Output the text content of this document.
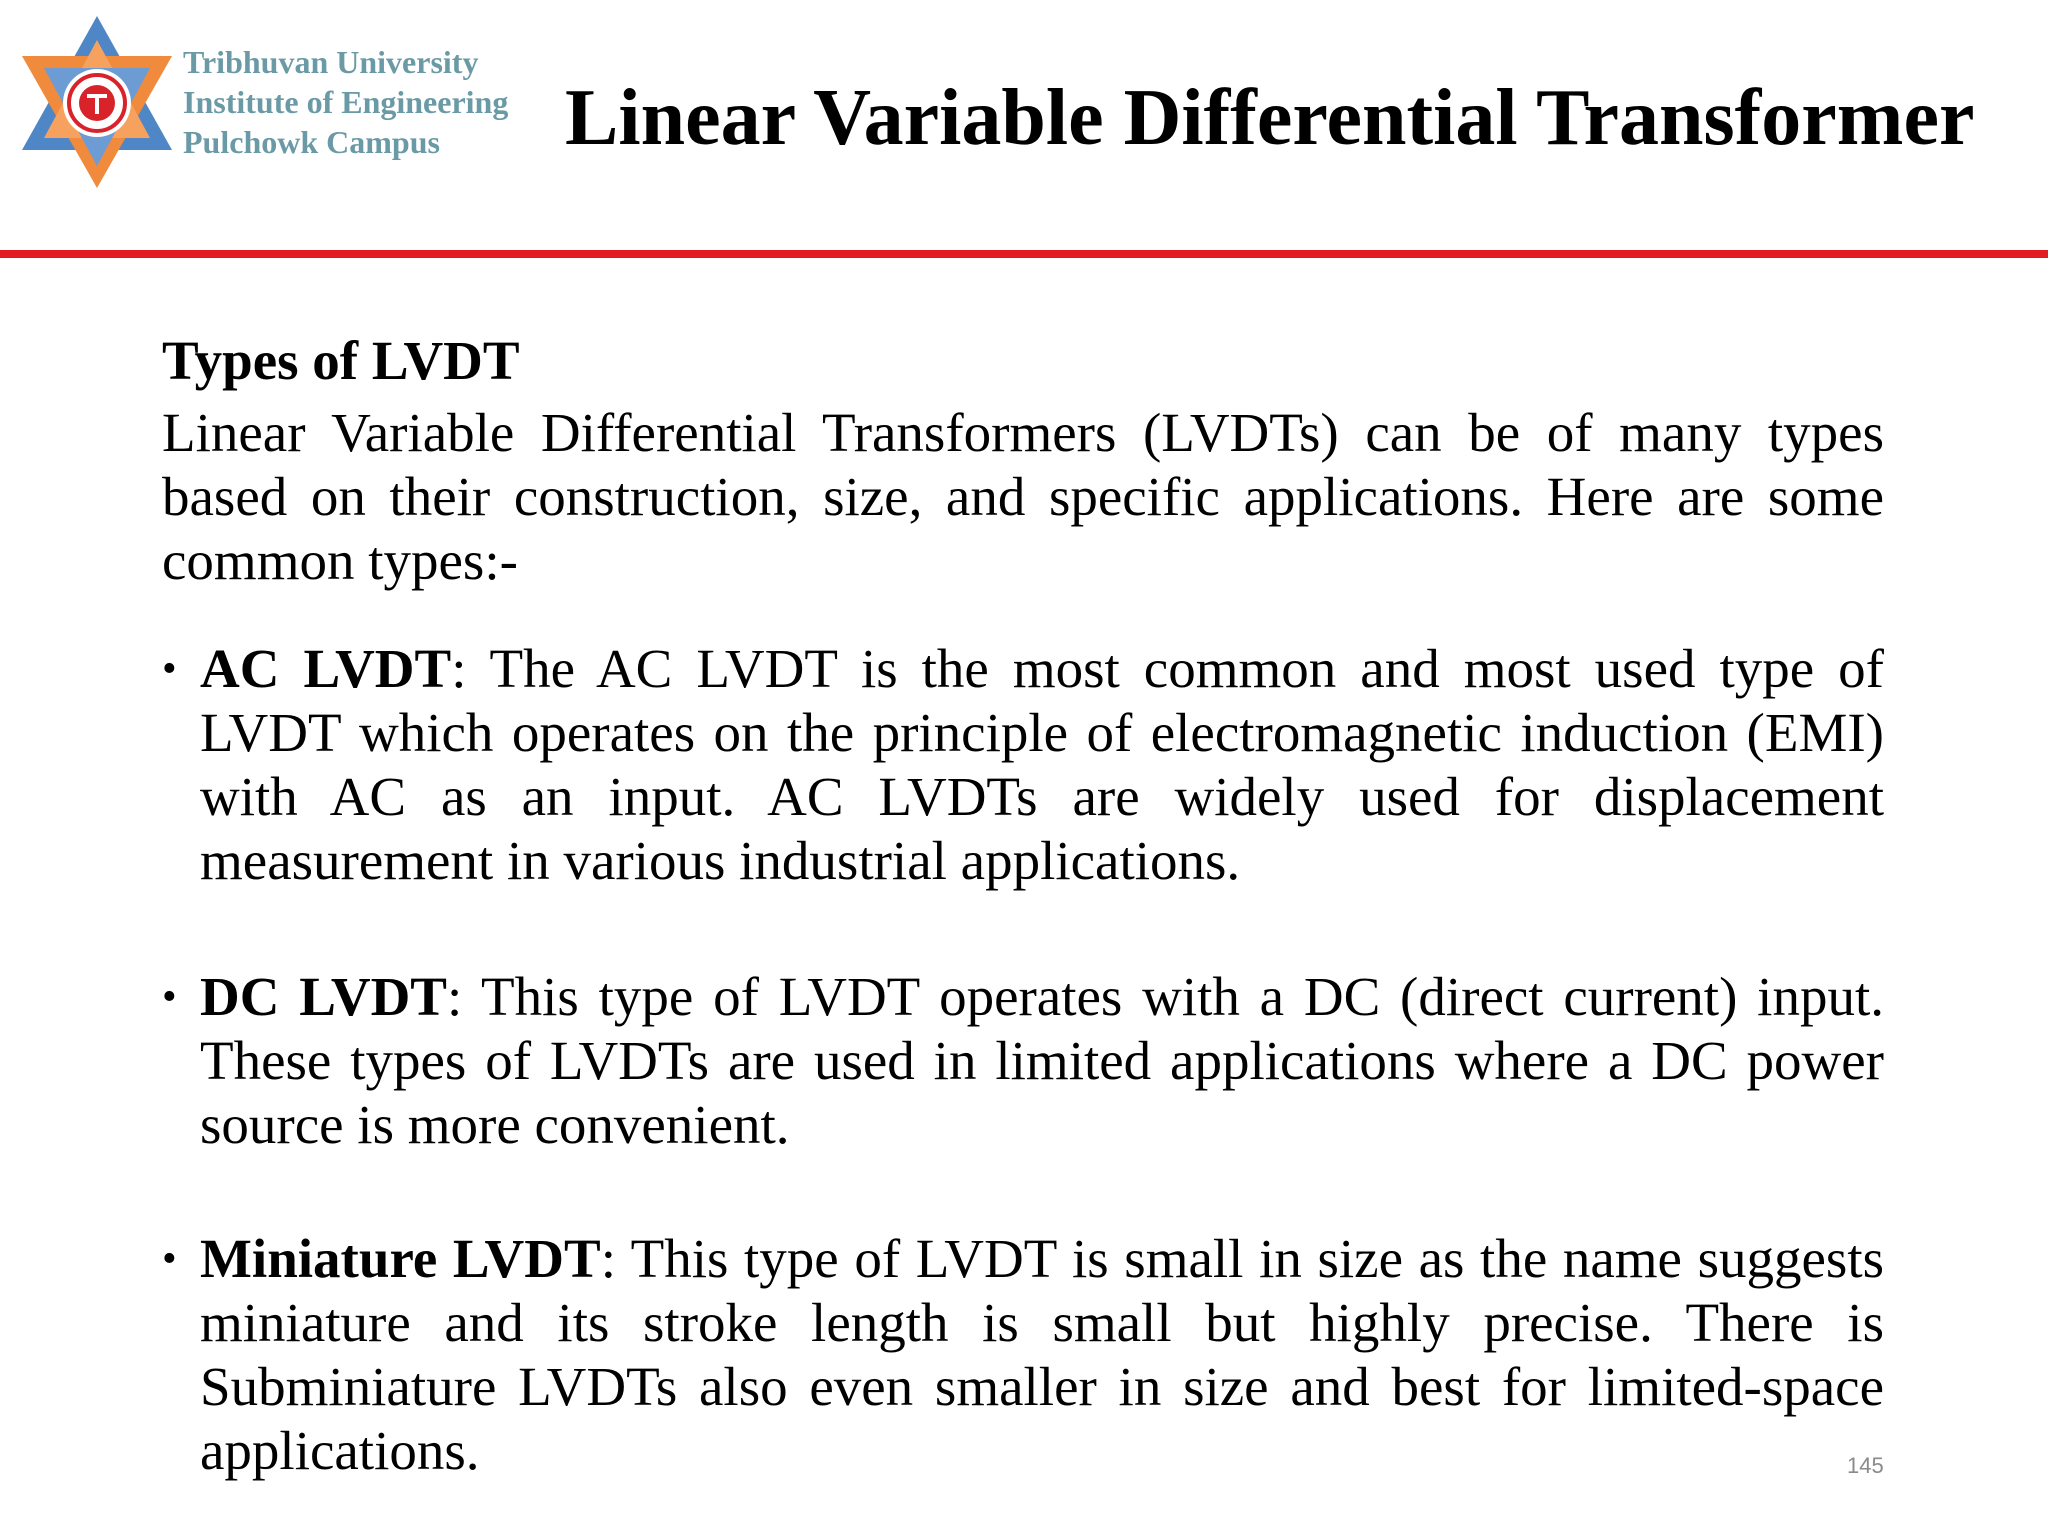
Tribhuvan University
Institute of Engineering
Pulchowk Campus	Linear Variable Differential Transformer
Types of LVDT

Linear Variable Differential Transformers (LVDTs) can be of many types based on their construction, size, and specific applications. Here are some common types:-

• AC LVDT: The AC LVDT is the most common and most used type of LVDT which operates on the principle of electromagnetic induction (EMI) with AC as an input. AC LVDTs are widely used for displacement measurement in various industrial applications.
• DC LVDT: This type of LVDT operates with a DC (direct current) input. These types of LVDTs are used in limited applications where a DC power source is more convenient.
• Miniature LVDT: This type of LVDT is small in size as the name suggests miniature and its stroke length is small but highly precise. There is Subminiature LVDTs also even smaller in size and best for limited-space applications.	145
